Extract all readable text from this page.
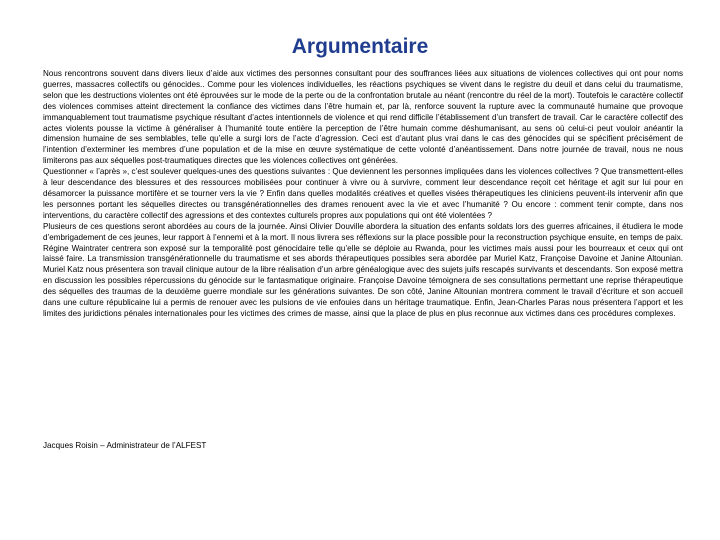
Argumentaire

Nous rencontrons souvent dans divers lieux d’aide aux victimes des personnes consultant pour des souffrances liées aux situations de violences collectives qui ont pour noms guerres, massacres collectifs ou génocides.. Comme pour les violences individuelles, les réactions psychiques se vivent dans le registre du deuil et dans celui du traumatisme, selon que les destructions violentes ont été éprouvées sur le mode de la perte ou de la confrontation brutale au néant (rencontre du réel de la mort). Toutefois le caractère collectif des violences commises atteint directement la confiance des victimes dans l’être humain et, par là, renforce souvent la rupture avec la communauté humaine que provoque immanquablement tout traumatisme psychique résultant d’actes intentionnels de violence et qui rend difficile l’établissement d’un transfert de travail. Car le caractère collectif des actes violents pousse la victime à généraliser à l’humanité toute entière la perception de l’être humain comme déshumanisant, au sens où celui-ci peut vouloir anéantir la dimension humaine de ses semblables, telle qu’elle a surgi lors de l’acte d’agression. Ceci est d’autant plus vrai dans le cas des génocides qui se spécifient précisément de l’intention d’exterminer les membres d’une population et de la mise en œuvre systématique de cette volonté d’anéantissement. Dans notre journée de travail, nous ne nous limiterons pas aux séquelles post-traumatiques directes que les violences collectives ont générées.

Questionner « l’après », c’est soulever quelques-unes des questions suivantes : Que deviennent les personnes impliquées dans les violences collectives ? Que transmettent-elles à leur descendance des blessures et des ressources mobilisées pour continuer à vivre ou à survivre, comment leur descendance reçoit cet héritage et agit sur lui pour en désamorcer la puissance mortifère et se tourner vers la vie ? Enfin dans quelles modalités créatives et quelles visées thérapeutiques les cliniciens peuvent-ils intervenir afin que les personnes portant les séquelles directes ou transgénérationnelles des drames renouent avec la vie et avec l’humanité ? Ou encore : comment tenir compte, dans nos interventions, du caractère collectif des agressions et des contextes culturels propres aux populations qui ont été violentées ?

Plusieurs de ces questions seront abordées au cours de la journée. Ainsi Olivier Douville abordera la situation des enfants soldats lors des guerres africaines, il étudiera le mode d’embrigadement de ces jeunes, leur rapport à l’ennemi et à la mort. Il nous livrera ses réflexions sur la place possible pour la reconstruction psychique ensuite, en temps de paix. Régine Waintrater centrera son exposé sur la temporalité post génocidaire telle qu’elle se déploie au Rwanda, pour les victimes mais aussi pour les bourreaux et ceux qui ont laissé faire. La transmission transgénérationnelle du traumatisme et ses abords thérapeutiques possibles sera abordée par Muriel Katz, Françoise Davoine et Janine Altounian. Muriel Katz nous présentera son travail clinique autour de la libre réalisation d’un arbre généalogique avec des sujets juifs rescapés survivants et descendants. Son exposé mettra en discussion les possibles répercussions du génocide sur le fantasmatique originaire. Françoise Davoine témoignera de ses consultations permettant une reprise thérapeutique des séquelles des traumas de la deuxième guerre mondiale sur les générations suivantes. De son côté, Janine Altounian montrera comment le travail d’écriture et son accueil dans une culture républicaine lui a permis de renouer avec les pulsions de vie enfouies dans un héritage traumatique. Enfin, Jean-Charles Paras nous présentera l’apport et les limites des juridictions pénales internationales pour les victimes des crimes de masse, ainsi que la place de plus en plus reconnue aux victimes dans ces procédures complexes.

Jacques Roisin – Administrateur de l’ALFEST
